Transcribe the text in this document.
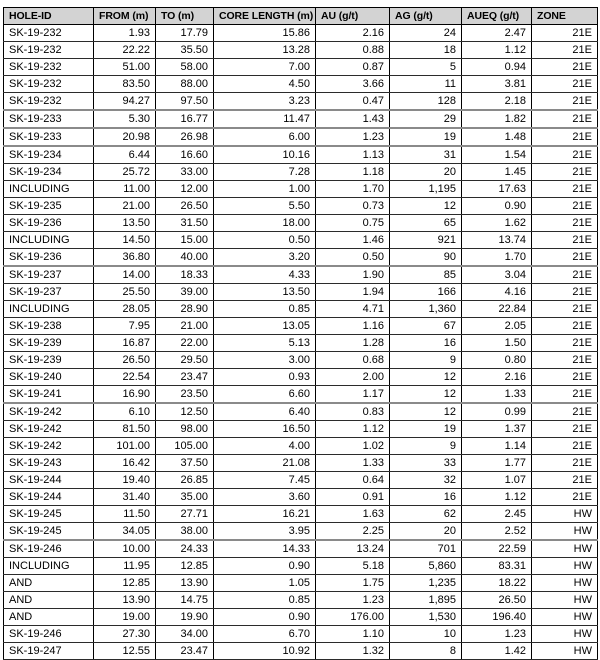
HOLE-ID	FROM (m)	TO (m)	CORE LENGTH (m)	AU (g/t)	AG (g/t)	AUEQ (g/t)	ZONE
SK-19-232	1.93	17.79	15.86	2.16	24	2.47	21E
SK-19-232	22.22	35.50	13.28	0.88	18	1.12	21E
SK-19-232	51.00	58.00	7.00	0.87	5	0.94	21E
SK-19-232	83.50	88.00	4.50	3.66	11	3.81	21E
SK-19-232	94.27	97.50	3.23	0.47	128	2.18	21E
SK-19-233	5.30	16.77	11.47	1.43	29	1.82	21E
SK-19-233	20.98	26.98	6.00	1.23	19	1.48	21E
SK-19-234	6.44	16.60	10.16	1.13	31	1.54	21E
SK-19-234	25.72	33.00	7.28	1.18	20	1.45	21E
INCLUDING	11.00	12.00	1.00	1.70	1,195	17.63	21E
SK-19-235	21.00	26.50	5.50	0.73	12	0.90	21E
SK-19-236	13.50	31.50	18.00	0.75	65	1.62	21E
INCLUDING	14.50	15.00	0.50	1.46	921	13.74	21E
SK-19-236	36.80	40.00	3.20	0.50	90	1.70	21E
SK-19-237	14.00	18.33	4.33	1.90	85	3.04	21E
SK-19-237	25.50	39.00	13.50	1.94	166	4.16	21E
INCLUDING	28.05	28.90	0.85	4.71	1,360	22.84	21E
SK-19-238	7.95	21.00	13.05	1.16	67	2.05	21E
SK-19-239	16.87	22.00	5.13	1.28	16	1.50	21E
SK-19-239	26.50	29.50	3.00	0.68	9	0.80	21E
SK-19-240	22.54	23.47	0.93	2.00	12	2.16	21E
SK-19-241	16.90	23.50	6.60	1.17	12	1.33	21E
SK-19-242	6.10	12.50	6.40	0.83	12	0.99	21E
SK-19-242	81.50	98.00	16.50	1.12	19	1.37	21E
SK-19-242	101.00	105.00	4.00	1.02	9	1.14	21E
SK-19-243	16.42	37.50	21.08	1.33	33	1.77	21E
SK-19-244	19.40	26.85	7.45	0.64	32	1.07	21E
SK-19-244	31.40	35.00	3.60	0.91	16	1.12	21E
SK-19-245	11.50	27.71	16.21	1.63	62	2.45	HW
SK-19-245	34.05	38.00	3.95	2.25	20	2.52	HW
SK-19-246	10.00	24.33	14.33	13.24	701	22.59	HW
INCLUDING	11.95	12.85	0.90	5.18	5,860	83.31	HW
AND	12.85	13.90	1.05	1.75	1,235	18.22	HW
AND	13.90	14.75	0.85	1.23	1,895	26.50	HW
AND	19.00	19.90	0.90	176.00	1,530	196.40	HW
SK-19-246	27.30	34.00	6.70	1.10	10	1.23	HW
SK-19-247	12.55	23.47	10.92	1.32	8	1.42	HW
